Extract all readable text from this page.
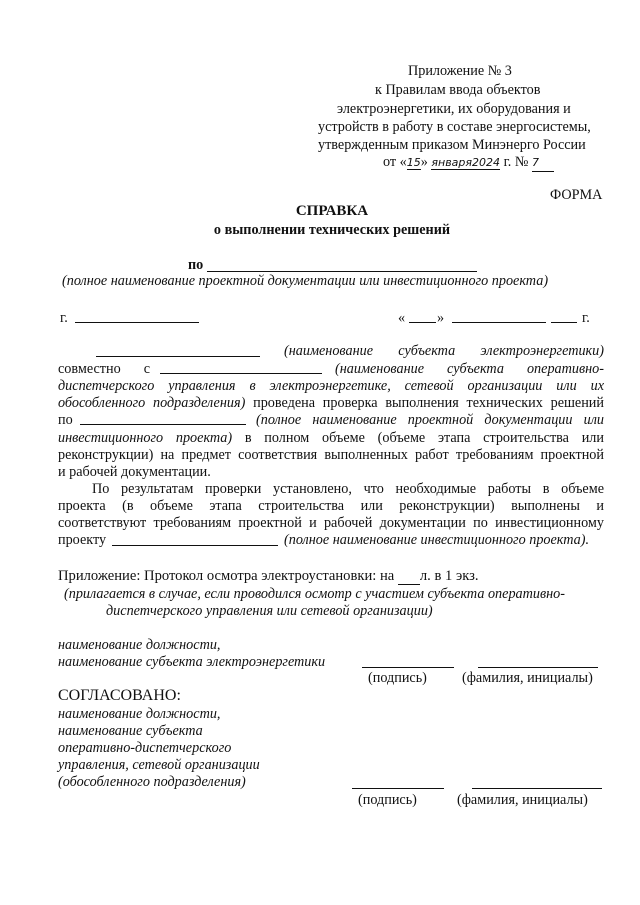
Приложение № 3
к Правилам ввода объектов
электроэнергетики, их оборудования и
устройств в работу в составе энергосистемы,
утвержденным приказом Минэнерго России
от «15» января2024 г. № 7
ФОРМА
СПРАВКА
о выполнении технических решений
по
(полное наименование проектной документации или инвестиционного проекта)
г.	« »	г.
(наименование субъекта электроэнергетики)
совместно с	(наименование субъекта оперативно-
диспетчерского управления в электроэнергетике, сетевой организации или их
обособленного подразделения) проведена проверка выполнения технических решений
по	(полное наименование проектной документации или
инвестиционного проекта) в полном объеме (объеме этапа строительства или
реконструкции) на предмет соответствия выполненных работ требованиям проектной
и рабочей документации.
По результатам проверки установлено, что необходимые работы в объеме
проекта (в объеме этапа строительства или реконструкции) выполнены и
соответствуют требованиям проектной и рабочей документации по инвестиционному
проекту	(полное наименование инвестиционного проекта).
Приложение: Протокол осмотра электроустановки: на л. в 1 экз.
(прилагается в случае, если проводился осмотр с участием субъекта оперативно-
диспетчерского управления или сетевой организации)
наименование должности,
наименование субъекта электроэнергетики
(подпись) (фамилия, инициалы)
СОГЛАСОВАНО:
наименование должности,
наименование субъекта
оперативно-диспетчерского
управления, сетевой организации
(обособленного подразделения)
(подпись)	(фамилия, инициалы)
